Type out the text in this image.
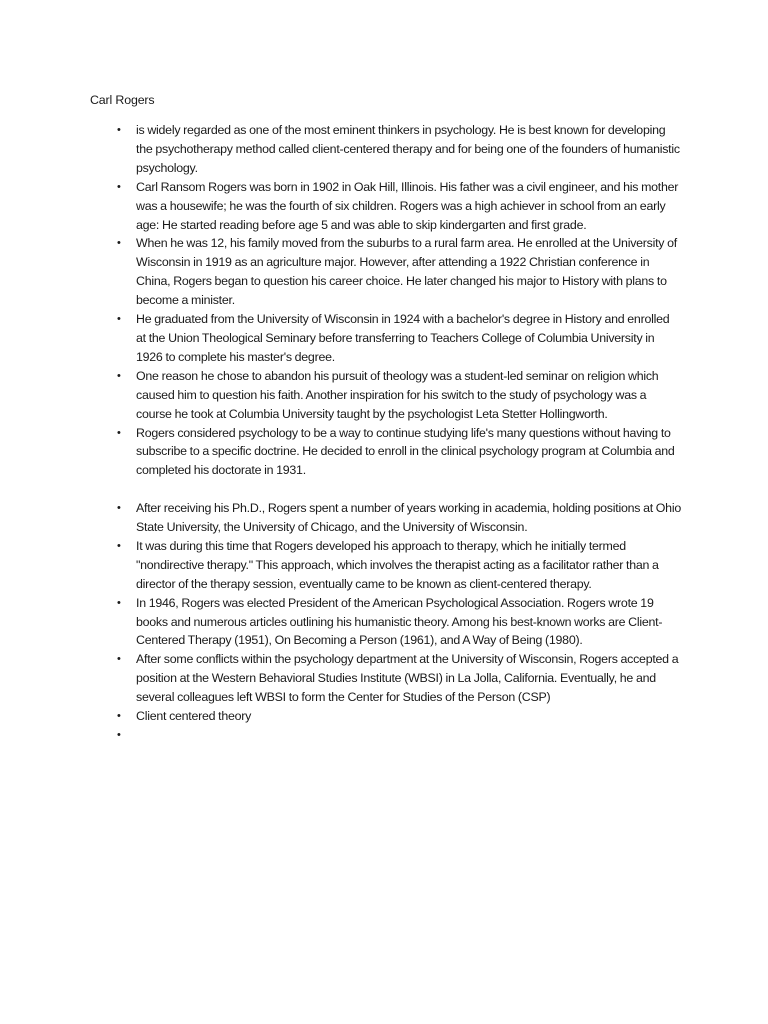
Carl Rogers
•	is widely regarded as one of the most eminent thinkers in psychology. He is best known for developing the psychotherapy method called client-centered therapy and for being one of the founders of humanistic psychology.
•	Carl Ransom Rogers was born in 1902 in Oak Hill, Illinois. His father was a civil engineer, and his mother was a housewife; he was the fourth of six children. Rogers was a high achiever in school from an early age: He started reading before age 5 and was able to skip kindergarten and first grade.
•	When he was 12, his family moved from the suburbs to a rural farm area. He enrolled at the University of Wisconsin in 1919 as an agriculture major. However, after attending a 1922 Christian conference in China, Rogers began to question his career choice. He later changed his major to History with plans to become a minister.
•	He graduated from the University of Wisconsin in 1924 with a bachelor's degree in History and enrolled at the Union Theological Seminary before transferring to Teachers College of Columbia University in 1926 to complete his master's degree.
•	One reason he chose to abandon his pursuit of theology was a student-led seminar on religion which caused him to question his faith. Another inspiration for his switch to the study of psychology was a course he took at Columbia University taught by the psychologist Leta Stetter Hollingworth.
•	Rogers considered psychology to be a way to continue studying life's many questions without having to subscribe to a specific doctrine. He decided to enroll in the clinical psychology program at Columbia and completed his doctorate in 1931.
•	After receiving his Ph.D., Rogers spent a number of years working in academia, holding positions at Ohio State University, the University of Chicago, and the University of Wisconsin.
•	It was during this time that Rogers developed his approach to therapy, which he initially termed "nondirective therapy." This approach, which involves the therapist acting as a facilitator rather than a director of the therapy session, eventually came to be known as client-centered therapy.
•	In 1946, Rogers was elected President of the American Psychological Association. Rogers wrote 19 books and numerous articles outlining his humanistic theory. Among his best-known works are Client-Centered Therapy (1951), On Becoming a Person (1961), and A Way of Being (1980).
•	After some conflicts within the psychology department at the University of Wisconsin, Rogers accepted a position at the Western Behavioral Studies Institute (WBSI) in La Jolla, California. Eventually, he and several colleagues left WBSI to form the Center for Studies of the Person (CSP)
•	Client centered theory
•
